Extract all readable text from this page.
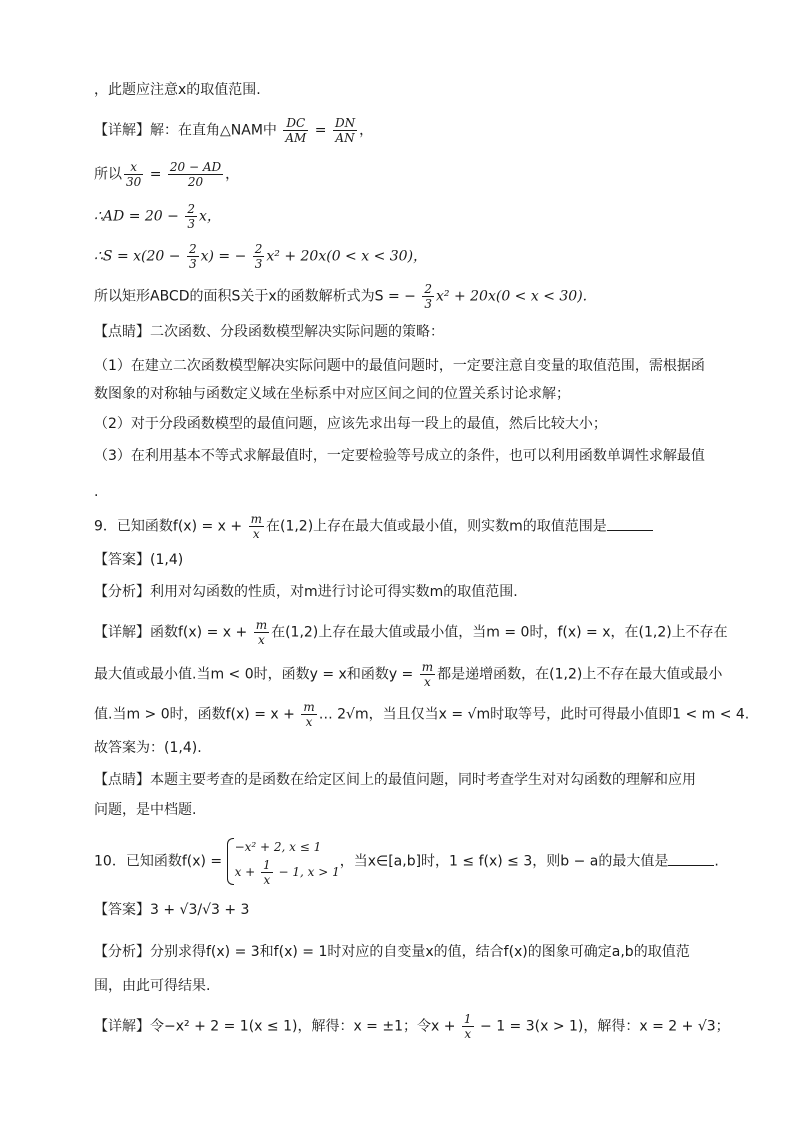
，此题应注意x的取值范围.
【详解】解：在直角△NAM中 $\frac{DC}{AM} = \frac{DN}{AN}$ ，
所以 $\frac{x}{30} = \frac{20 - AD}{20}$ ，
∴AD = $20 - \frac{2}{3}$ x，
∴S = $x(20 - \frac{2}{3} x)$ = − $\frac{2}{3} x^2 + 20x(0 < x < 30)$，
所以矩形ABCD的面积S关于x的函数解析式为S = − $\frac{2}{3} x^2 + 20x(0 < x < 30)$.
【点睛】二次函数、分段函数模型解决实际问题的策略：
（1）在建立二次函数模型解决实际问题中的最值问题时，一定要注意自变量的取值范围，需根据函
数图象的对称轴与函数定义域在坐标系中对应区间之间的位置关系讨论求解；
（2）对于分段函数模型的最值问题，应该先求出每一段上的最值，然后比较大小；
（3）在利用基本不等式求解最值时，一定要检验等号成立的条件，也可以利用函数单调性求解最值
.
9．已知函数$f(x) = x + \frac{m}{x}$ 在(1,2)上存在最大值或最小值，则实数m的取值范围是
【答案】(1,4)
【分析】利用对勾函数的性质，对m进行讨论可得实数m的取值范围.
【详解】函数$f(x) = x + \frac{m}{x}$ 在(1,2)上存在最大值或最小值，当m = 0时，f(x) = x，在(1,2)上不存在
最大值或最小值.当m < 0时，函数y = x和函数$y = \frac{m}{x}$ 都是递增函数，在(1,2)上不存在最大值或最小
值.当m > 0时，函数$f(x) = x + \frac{m}{x}$ … 2√m，当且仅当x = √m时取等号，此时可得最小值即1 < m < 4.
故答案为：(1,4).
【点睛】本题主要考查的是函数在给定区间上的最值问题，同时考查学生对对勾函数的理解和应用
问题，是中档题.
10．已知函数f(x) =
−x² + 2, x ≤ 1
$x + \frac{1}{x} - 1$, x > 1
，当x∈[a,b]时，1 ≤ f(x) ≤ 3，则b − a的最大值是	.
【答案】3 + √3/√3 + 3
【分析】分别求得f(x) = 3和f(x) = 1时对应的自变量x的值，结合f(x)的图象可确定a,b的取值范
围，由此可得结果.
【详解】令−x² + 2 = 1(x ≤ 1)，解得：x = ±1；令$x + \frac{1}{x} - 1 = 3(x > 1)$，解得：x = 2 + √3；
